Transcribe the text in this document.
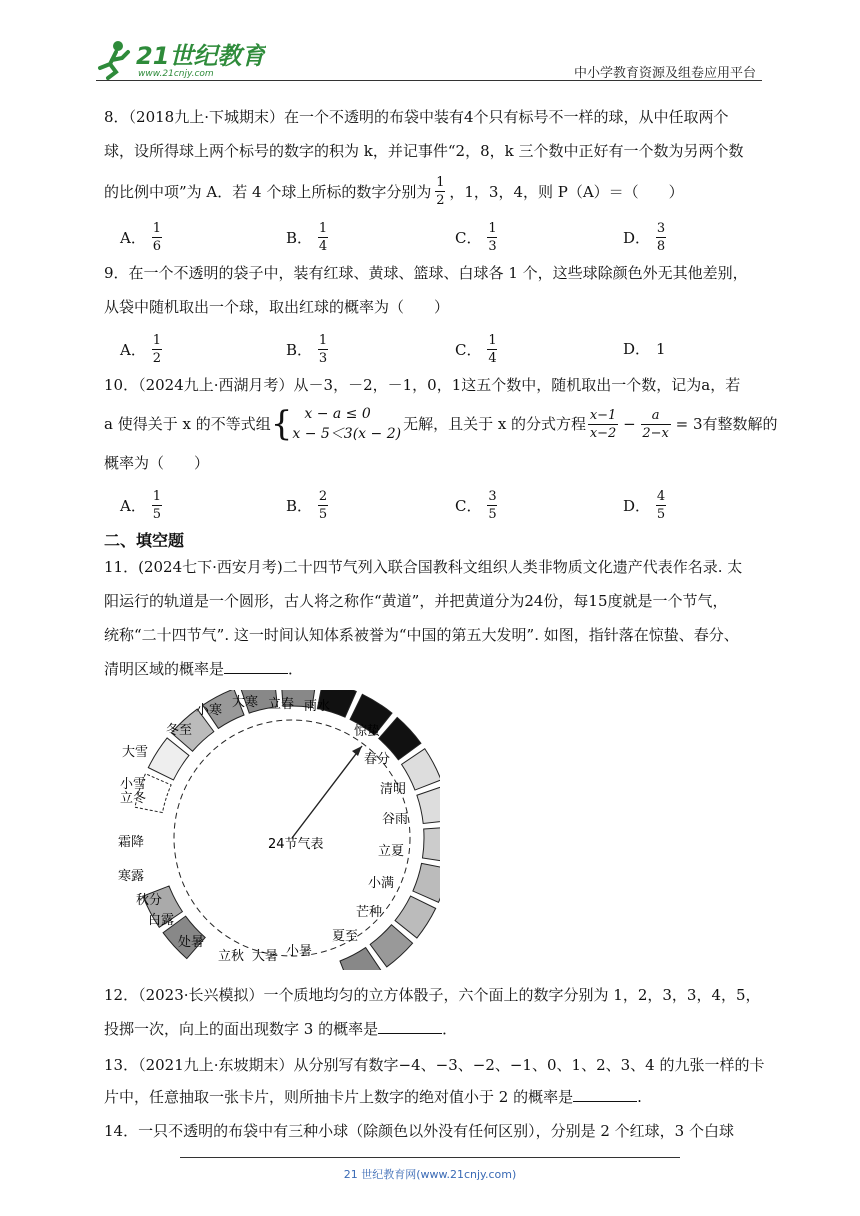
21世纪教育
www.21cnjy.com	中小学教育资源及组卷应用平台
8．（2018九上·下城期末）在一个不透明的布袋中装有4个只有标号不一样的球，从中任取两个
球，设所得球上两个标号的数字的积为 k，并记事件“2，8，k 三个数中正好有一个数为另两个数
的比例中项”为 A．若 4 个球上所标的数字分别为 $\frac{1}{2}$ ，1，3，4，则 P（A）＝（　　）
A． $\frac{1}{6}$	B． $\frac{1}{4}$	C． $\frac{1}{3}$	D． $\frac{3}{8}$
9．在一个不透明的袋子中，装有红球、黄球、篮球、白球各 1 个，这些球除颜色外无其他差别，
从袋中随机取出一个球，取出红球的概率为（　　）
A． $\frac{1}{2}$	B． $\frac{1}{3}$	C． $\frac{1}{4}$	D． 1
10．（2024九上·西湖月考）从－3，－2，－1，0，1这五个数中，随机取出一个数，记为a，若
a 使得关于 x 的不等式组 { x − a ≤ 0
x − 5＜3(x − 2)
无解，且关于 x 的分式方程 $\frac{x-1}{x-2} - \frac{a}{2-x} = 3$ 有整数解的
概率为（　　）
A． $\frac{1}{5}$	B． $\frac{2}{5}$	C． $\frac{3}{5}$	D． $\frac{4}{5}$
二、填空题
11．(2024七下·西安月考)二十四节气列入联合国教科文组织人类非物质文化遗产代表作名录. 太
阳运行的轨道是一个圆形，古人将之称作“黄道”，并把黄道分为24份，每15度就是一个节气，
统称“二十四节气”. 这一时间认知体系被誉为“中国的第五大发明”. 如图，指针落在惊蛰、春分、
清明区域的概率是	．
24节气表
立春 雨水
惊蛰
春分
清明
谷雨
立夏
小满
芒种
夏至
小暑
大暑
立秋
处暑
白露
秋分
寒露
霜降
立冬
小雪
大雪
冬至
小寒
大寒
12．（2023·长兴模拟）一个质地均匀的立方体骰子，六个面上的数字分别为 1，2，3，3，4，5，
投掷一次，向上的面出现数字 3 的概率是	．
13．（2021九上·东坡期末）从分别写有数字−4、−3、−2、−1、0、1、2、3、4 的九张一样的卡
片中，任意抽取一张卡片，则所抽卡片上数字的绝对值小于 2 的概率是	.
14．一只不透明的布袋中有三种小球（除颜色以外没有任何区别），分别是 2 个红球，3 个白球
21 世纪教育网(www.21cnjy.com)
